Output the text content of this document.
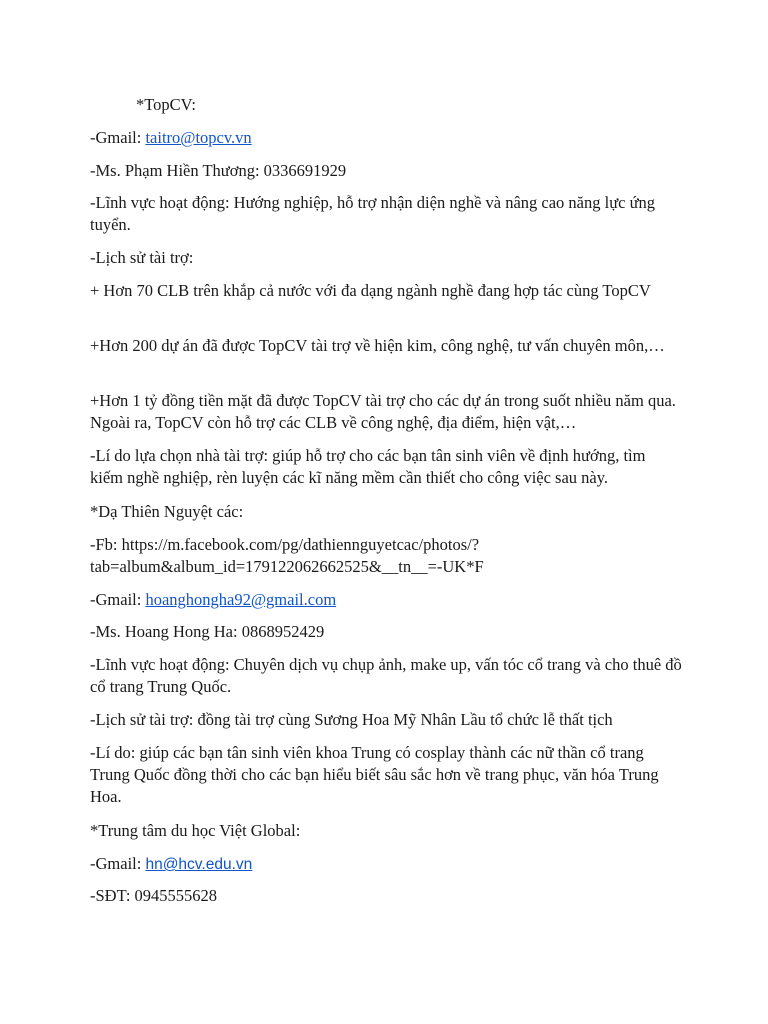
*TopCV:

-Gmail: taitro@topcv.vn

-Ms. Phạm Hiền Thương: 0336691929

-Lĩnh vực hoạt động: Hướng nghiệp, hỗ trợ nhận diện nghề và nâng cao năng lực ứng tuyển.

-Lịch sử tài trợ:

+ Hơn 70 CLB trên khắp cả nước với đa dạng ngành nghề đang hợp tác cùng TopCV

+Hơn 200 dự án đã được TopCV tài trợ về hiện kim, công nghệ, tư vấn chuyên môn,…

+Hơn 1 tỷ đồng tiền mặt đã được TopCV tài trợ cho các dự án trong suốt nhiều năm qua. Ngoài ra, TopCV còn hỗ trợ các CLB về công nghệ, địa điểm, hiện vật,…

-Lí do lựa chọn nhà tài trợ: giúp hỗ trợ cho các bạn tân sinh viên về định hướng, tìm kiếm nghề nghiệp, rèn luyện các kĩ năng mềm cần thiết cho công việc sau này.

*Dạ Thiên Nguyệt các:

-Fb: https://m.facebook.com/pg/dathiennguyetcac/photos/?tab=album&album_id=179122062662525&__tn__=-UK*F

-Gmail: hoanghongha92@gmail.com

-Ms. Hoang Hong Ha: 0868952429

-Lĩnh vực hoạt động: Chuyên dịch vụ chụp ảnh, make up, vấn tóc cổ trang và cho thuê đồ cổ trang Trung Quốc.

-Lịch sử tài trợ: đồng tài trợ cùng Sương Hoa Mỹ Nhân Lầu tổ chức lễ thất tịch

-Lí do: giúp các bạn tân sinh viên khoa Trung có cosplay thành các nữ thần cổ trang Trung Quốc đồng thời cho các bạn hiểu biết sâu sắc hơn về trang phục, văn hóa Trung Hoa.

*Trung tâm du học Việt Global:

-Gmail: hn@hcv.edu.vn

-SĐT: 0945555628
